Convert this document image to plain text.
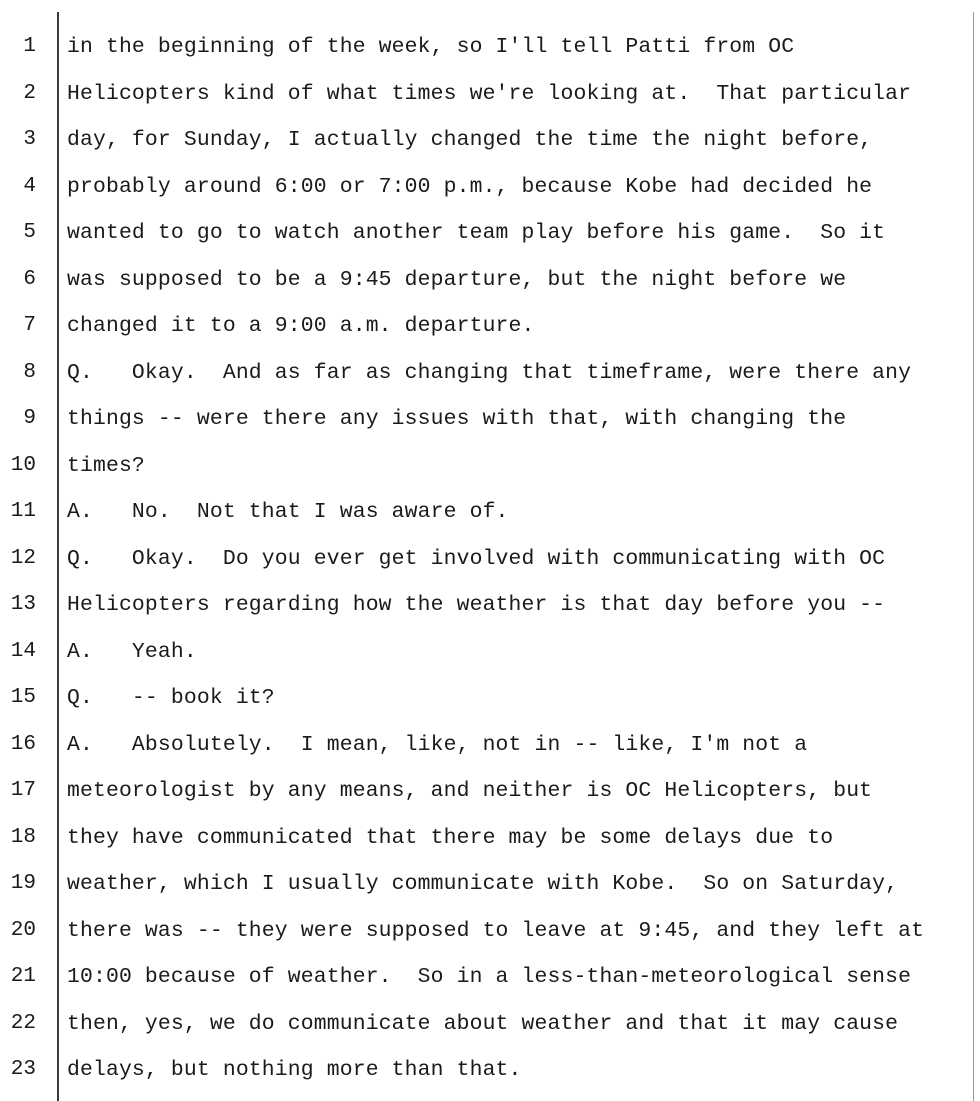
1 in the beginning of the week, so I'll tell Patti from OC
2 Helicopters kind of what times we're looking at.  That particular
3 day, for Sunday, I actually changed the time the night before,
4 probably around 6:00 or 7:00 p.m., because Kobe had decided he
5 wanted to go to watch another team play before his game.  So it
6 was supposed to be a 9:45 departure, but the night before we
7 changed it to a 9:00 a.m. departure.
8 Q.   Okay.  And as far as changing that timeframe, were there any
9 things -- were there any issues with that, with changing the
10 times?
11 A.   No.  Not that I was aware of.
12 Q.   Okay.  Do you ever get involved with communicating with OC
13 Helicopters regarding how the weather is that day before you --
14 A.   Yeah.
15 Q.   -- book it?
16 A.   Absolutely.  I mean, like, not in -- like, I'm not a
17 meteorologist by any means, and neither is OC Helicopters, but
18 they have communicated that there may be some delays due to
19 weather, which I usually communicate with Kobe.  So on Saturday,
20 there was -- they were supposed to leave at 9:45, and they left at
21 10:00 because of weather.  So in a less-than-meteorological sense
22 then, yes, we do communicate about weather and that it may cause
23 delays, but nothing more than that.
